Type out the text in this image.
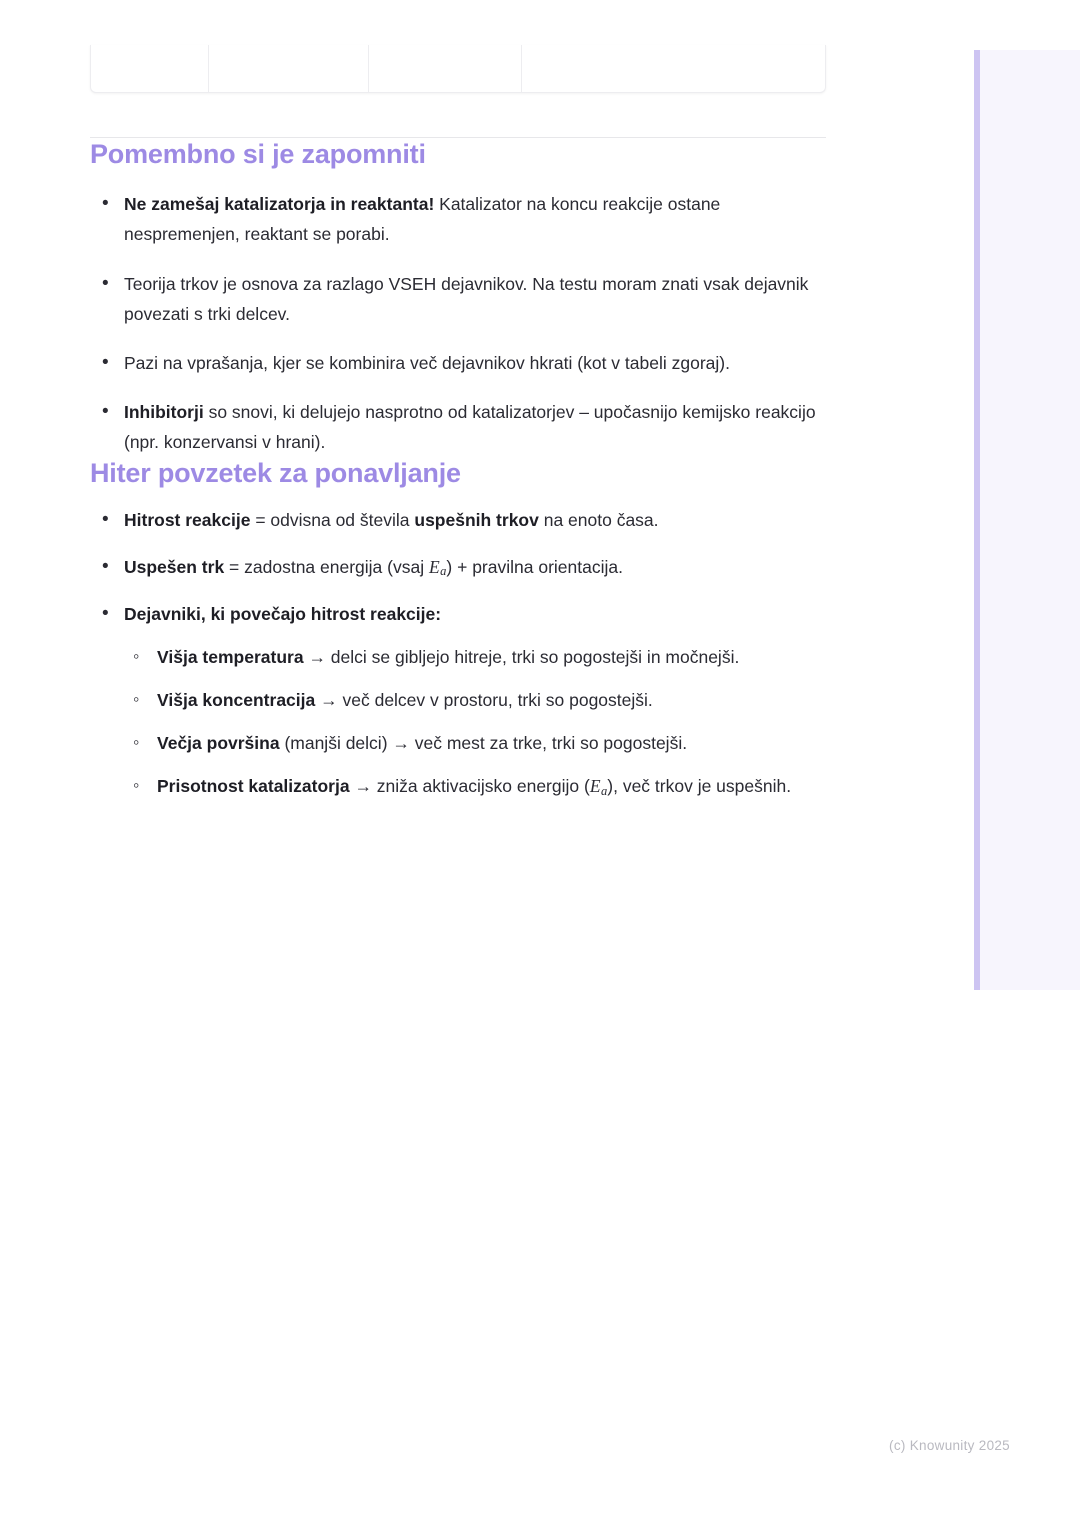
Pomembno si je zapomniti
• Ne zamešaj katalizatorja in reaktanta! Katalizator na koncu reakcije ostane nespremenjen, reaktant se porabi.
• Teorija trkov je osnova za razlago VSEH dejavnikov. Na testu moram znati vsak dejavnik povezati s trki delcev.
• Pazi na vprašanja, kjer se kombinira več dejavnikov hkrati (kot v tabeli zgoraj).
• Inhibitorji so snovi, ki delujejo nasprotno od katalizatorjev – upočasnijo kemijsko reakcijo (npr. konzervansi v hrani).
Hiter povzetek za ponavljanje
• Hitrost reakcije = odvisna od števila uspešnih trkov na enoto časa.
• Uspešen trk = zadostna energija (vsaj $E_a$) + pravilna orientacija.
• Dejavniki, ki povečajo hitrost reakcije:
◦ Višja temperatura → delci se gibljejo hitreje, trki so pogostejši in močnejši.
◦ Višja koncentracija → več delcev v prostoru, trki so pogostejši.
◦ Večja površina (manjši delci) → več mest za trke, trki so pogostejši.
◦ Prisotnost katalizatorja → zniža aktivacijsko energijo $(E_a)$, več trkov je uspešnih.
(c) Knowunity 2025
